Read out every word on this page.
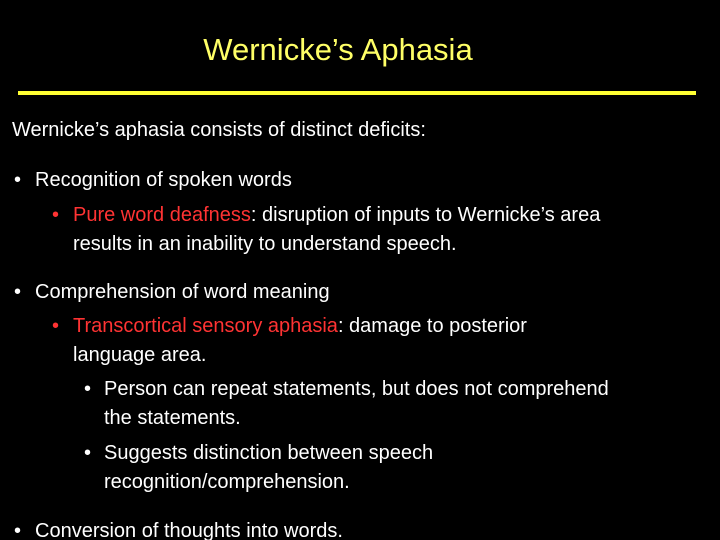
Wernicke’s Aphasia

Wernicke’s aphasia consists of distinct deficits:

• Recognition of spoken words
• Pure word deafness: disruption of inputs to Wernicke’s area

results in an inability to understand speech.

• Comprehension of word meaning
• Transcortical sensory aphasia: damage to posterior

language area.

• Person can repeat statements, but does not comprehend

the statements.

• Suggests distinction between speech

recognition/comprehension.

• Conversion of thoughts into words.
